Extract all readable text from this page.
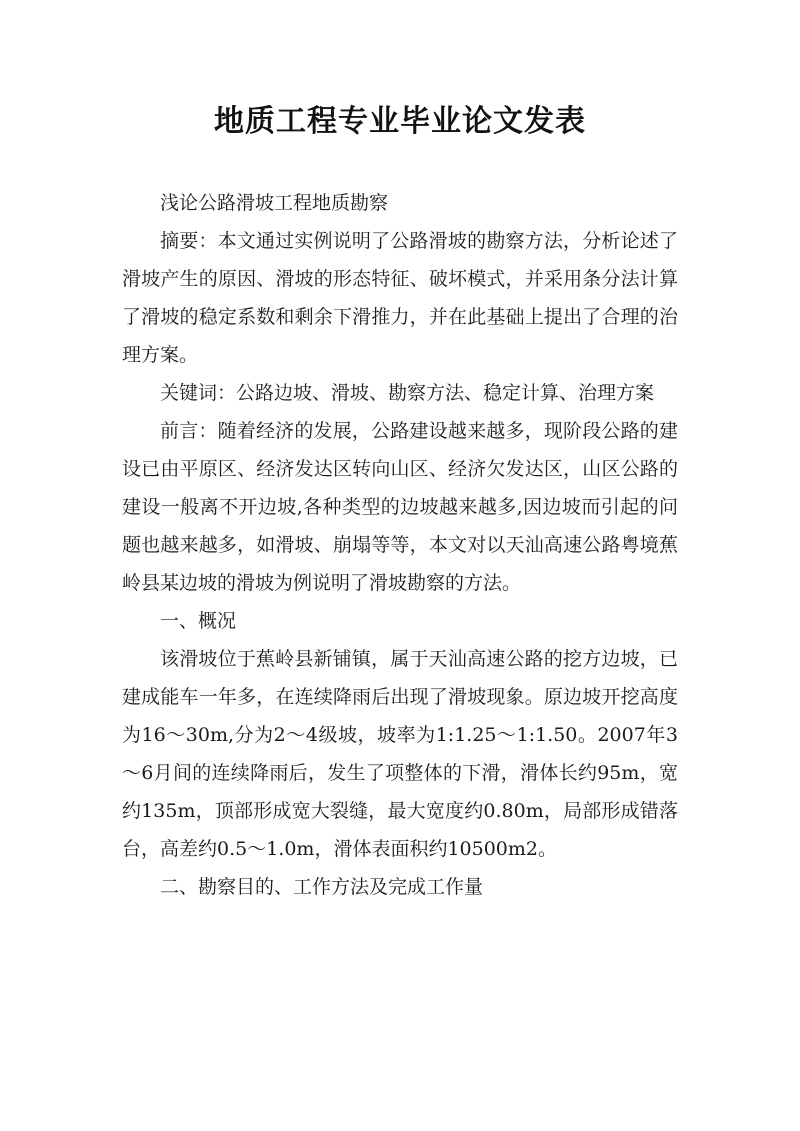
地质工程专业毕业论文发表

浅论公路滑坡工程地质勘察

摘要：本文通过实例说明了公路滑坡的勘察方法，分析论述了滑坡产生的原因、滑坡的形态特征、破坏模式，并采用条分法计算了滑坡的稳定系数和剩余下滑推力，并在此基础上提出了合理的治理方案。

关键词：公路边坡、滑坡、勘察方法、稳定计算、治理方案

前言：随着经济的发展，公路建设越来越多，现阶段公路的建设已由平原区、经济发达区转向山区、经济欠发达区，山区公路的建设一般离不开边坡,各种类型的边坡越来越多,因边坡而引起的问题也越来越多，如滑坡、崩塌等等，本文对以天汕高速公路粤境蕉岭县某边坡的滑坡为例说明了滑坡勘察的方法。

一、概况

该滑坡位于蕉岭县新铺镇，属于天汕高速公路的挖方边坡，已建成能车一年多，在连续降雨后出现了滑坡现象。原边坡开挖高度为16～30m,分为2～4级坡，坡率为1:1.25～1:1.50。2007年3～6月间的连续降雨后，发生了项整体的下滑，滑体长约95m，宽约135m，顶部形成宽大裂缝，最大宽度约0.80m，局部形成错落台，高差约0.5～1.0m，滑体表面积约10500m2。

二、勘察目的、工作方法及完成工作量
